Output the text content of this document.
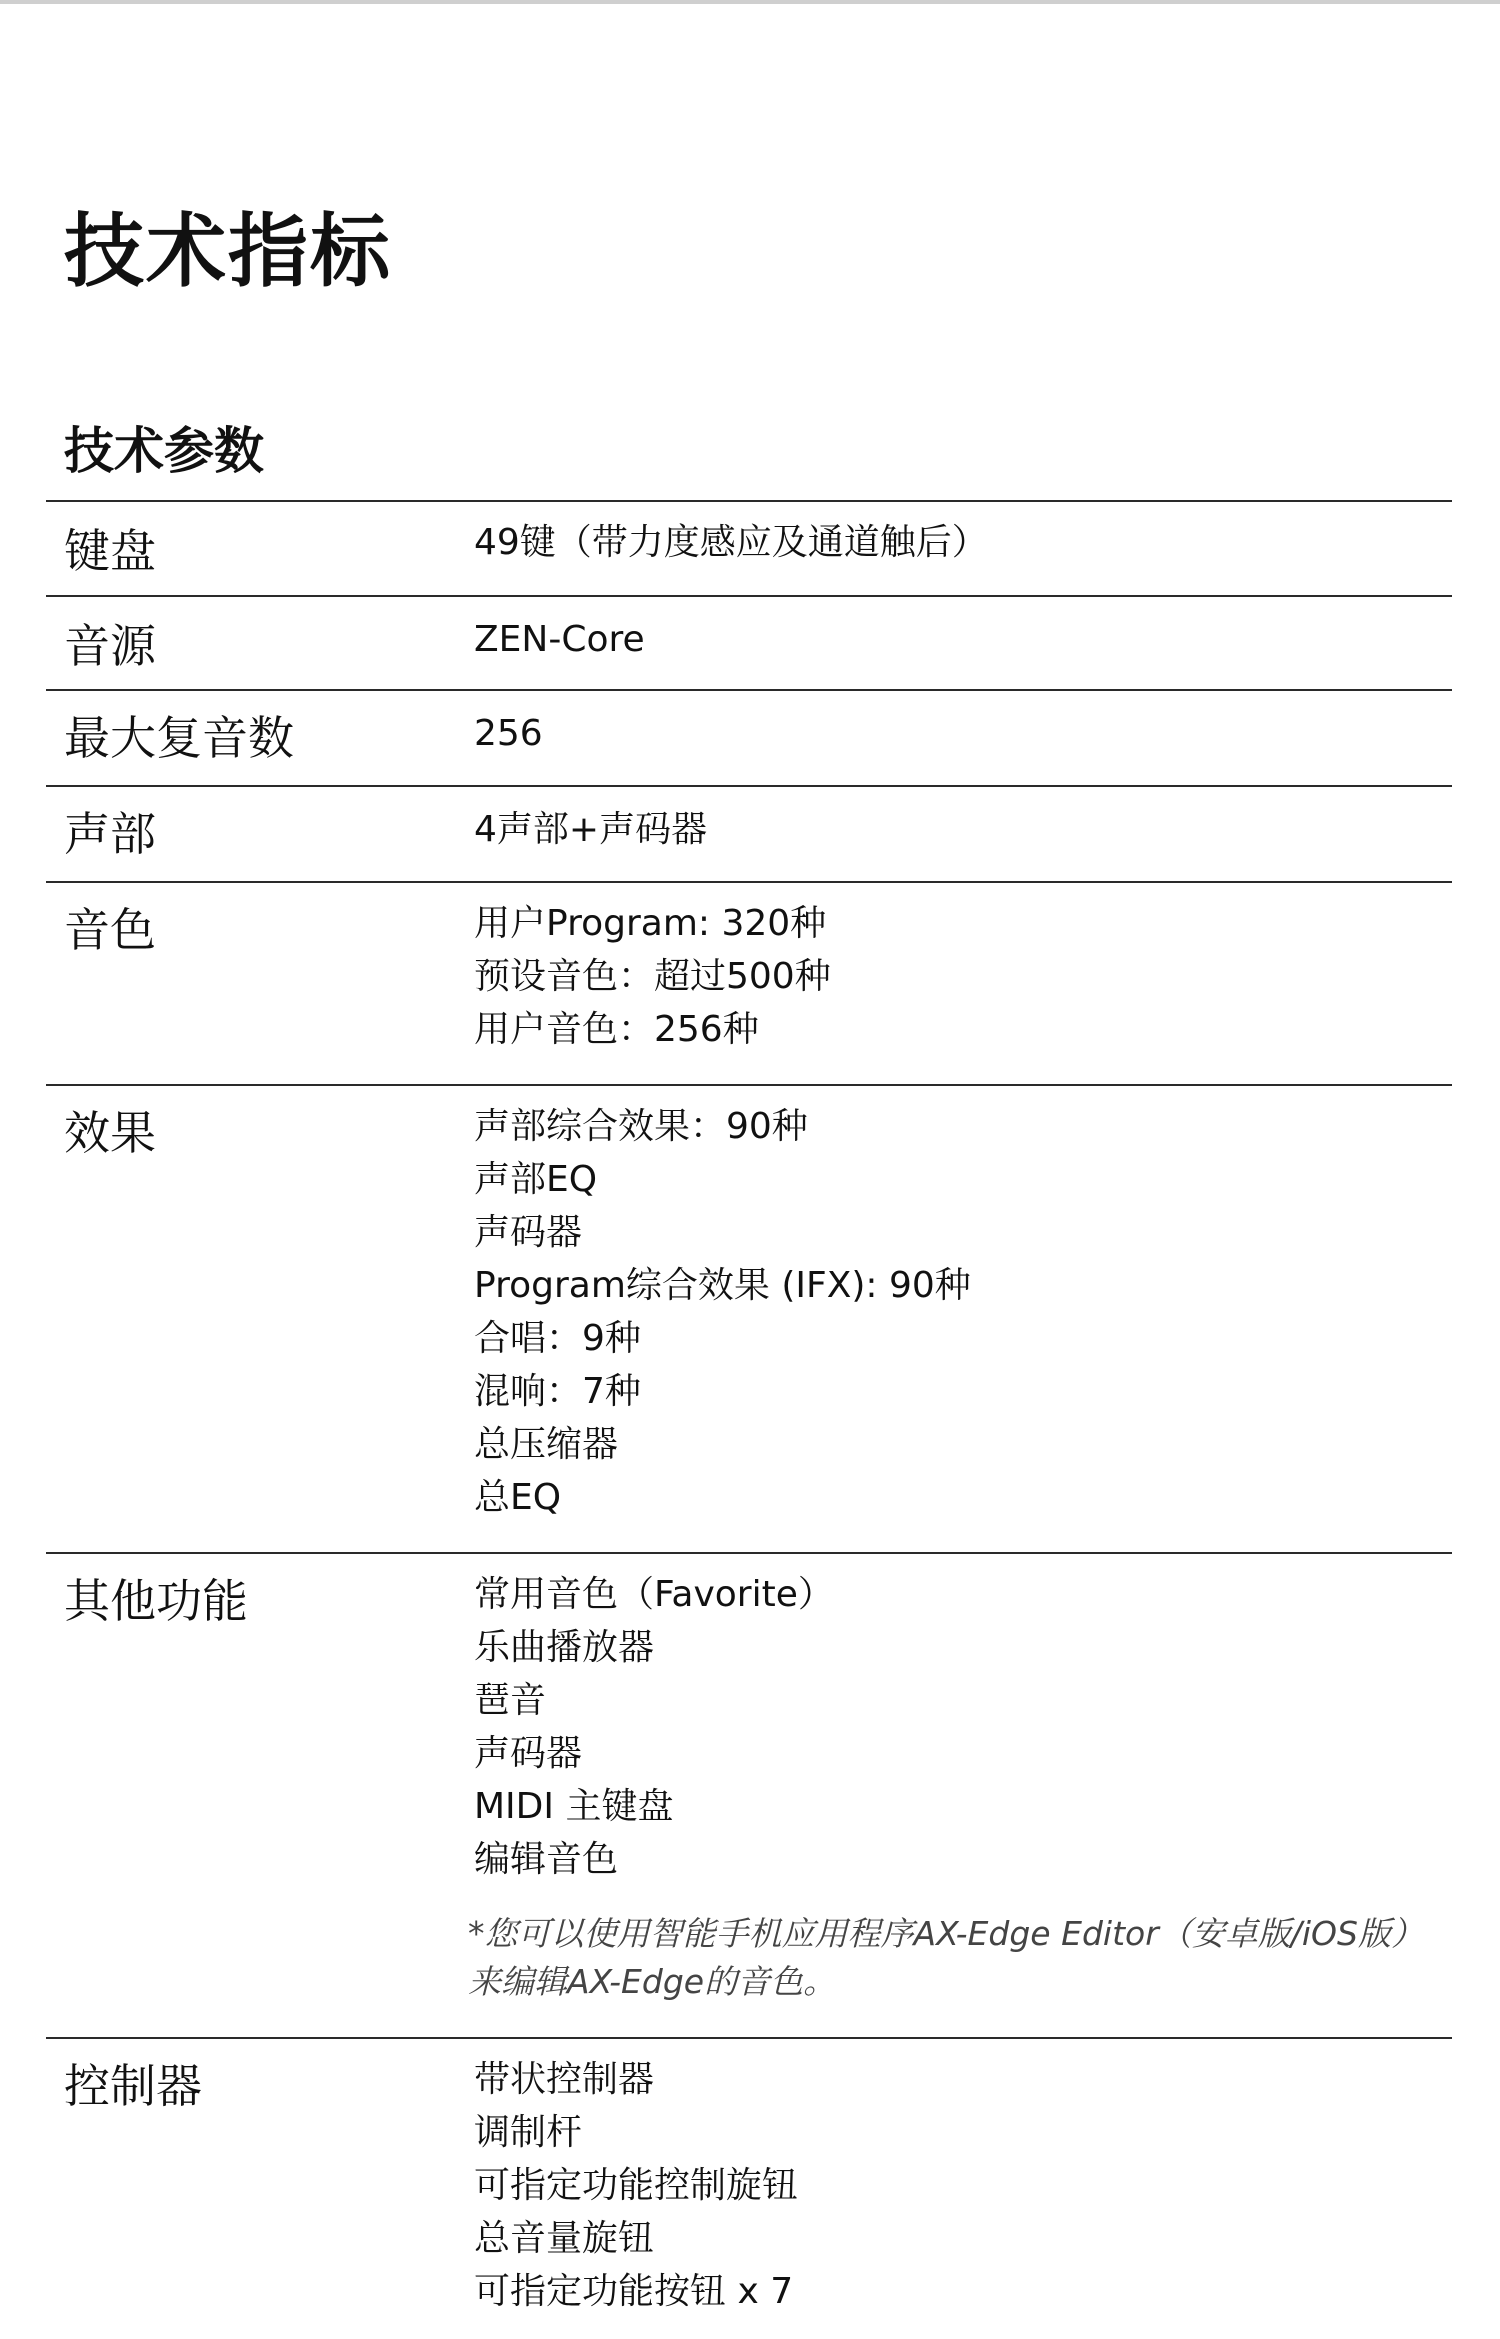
技术指标
技术参数
键盘	49键（带力度感应及通道触后）
音源	ZEN-Core
最大复音数	256
声部	4声部+声码器
音色	用户Program: 320种
预设音色：超过500种
用户音色：256种
效果	声部综合效果：90种
声部EQ
声码器
Program综合效果 (IFX): 90种
合唱：9种
混响：7种
总压缩器
总EQ
其他功能	常用音色（Favorite）
乐曲播放器
琶音
声码器
MIDI 主键盘
编辑音色
*您可以使用智能手机应用程序AX-Edge Editor（安卓版/iOS版）
来编辑AX-Edge的音色。
控制器	带状控制器
调制杆
可指定功能控制旋钮
总音量旋钮
可指定功能按钮 x 7
